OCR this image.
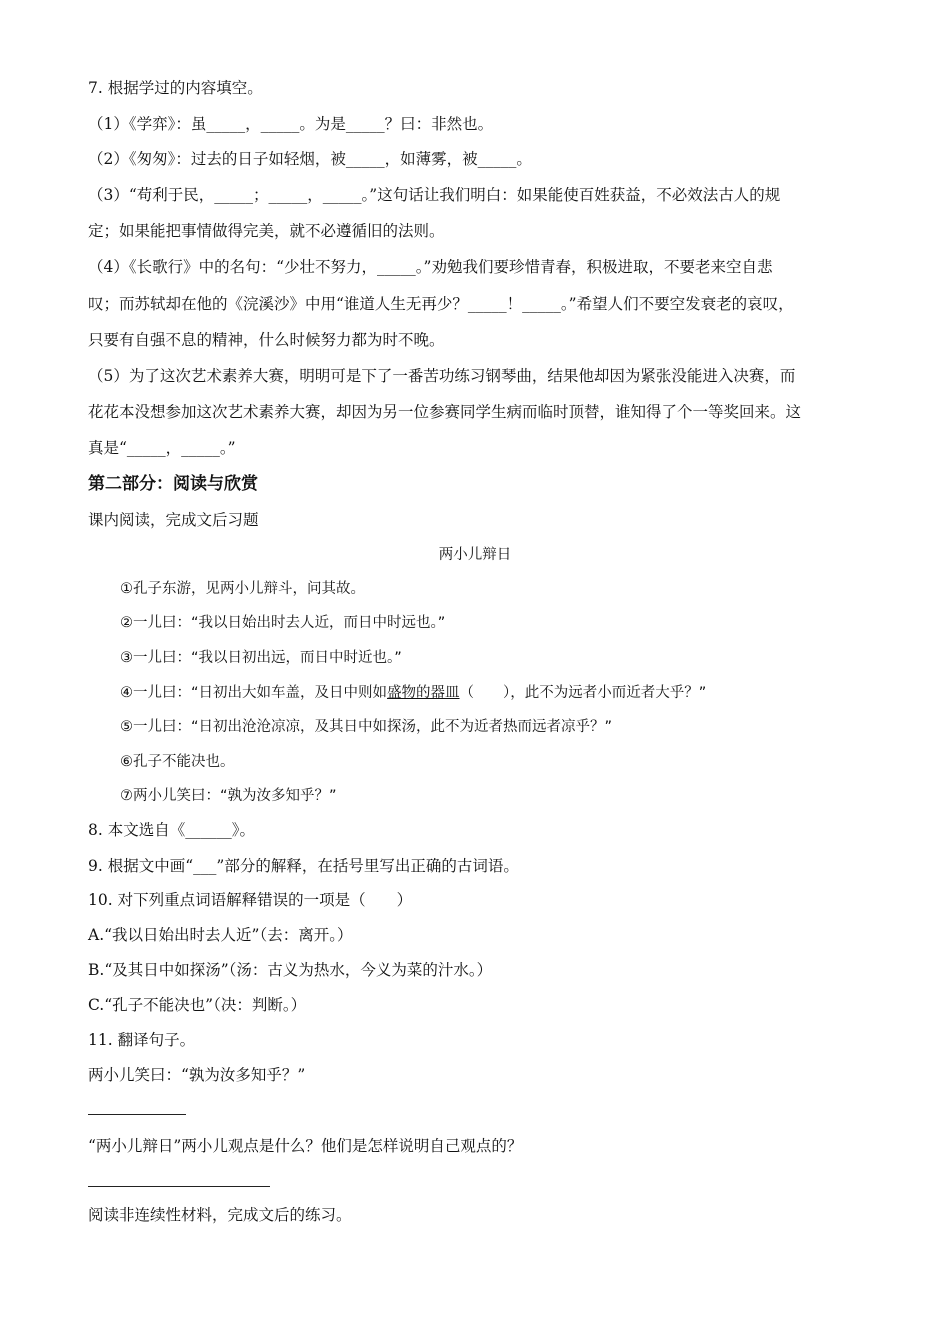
7. 根据学过的内容填空。
（1）《学弈》：虽_____，_____。为是_____？曰：非然也。
（2）《匆匆》：过去的日子如轻烟，被_____，如薄雾，被_____。
（3）“苟利于民，_____；_____，_____。”这句话让我们明白：如果能使百姓获益，不必效法古人的规
定；如果能把事情做得完美，就不必遵循旧的法则。
（4）《长歌行》中的名句：“少壮不努力，_____。”劝勉我们要珍惜青春，积极进取，不要老来空自悲
叹；而苏轼却在他的《浣溪沙》中用“谁道人生无再少？_____！_____。”希望人们不要空发衰老的哀叹，
只要有自强不息的精神，什么时候努力都为时不晚。
（5）为了这次艺术素养大赛，明明可是下了一番苦功练习钢琴曲，结果他却因为紧张没能进入决赛，而
花花本没想参加这次艺术素养大赛，却因为另一位参赛同学生病而临时顶替，谁知得了个一等奖回来。这
真是“_____，_____。”
第二部分：阅读与欣赏
课内阅读，完成文后习题
两小儿辩日
①孔子东游，见两小儿辩斗，问其故。
②一儿曰：“我以日始出时去人近，而日中时远也。”
③一儿曰：“我以日初出远，而日中时近也。”
④一儿曰：“日初出大如车盖，及日中则如盛物的器皿（　　），此不为远者小而近者大乎？”
⑤一儿曰：“日初出沧沧凉凉，及其日中如探汤，此不为近者热而远者凉乎？”
⑥孔子不能决也。
⑦两小儿笑曰：“孰为汝多知乎？”
8. 本文选自《______》。
9. 根据文中画“___”部分的解释，在括号里写出正确的古词语。
10. 对下列重点词语解释错误的一项是（　　）
A.“我以日始出时去人近”（去：离开。）
B.“及其日中如探汤”（汤：古义为热水，今义为菜的汁水。）
C.“孔子不能决也”（决：判断。）
11. 翻译句子。
两小儿笑曰：“孰为汝多知乎？”
“两小儿辩日”两小儿观点是什么？他们是怎样说明自己观点的？
阅读非连续性材料，完成文后的练习。
